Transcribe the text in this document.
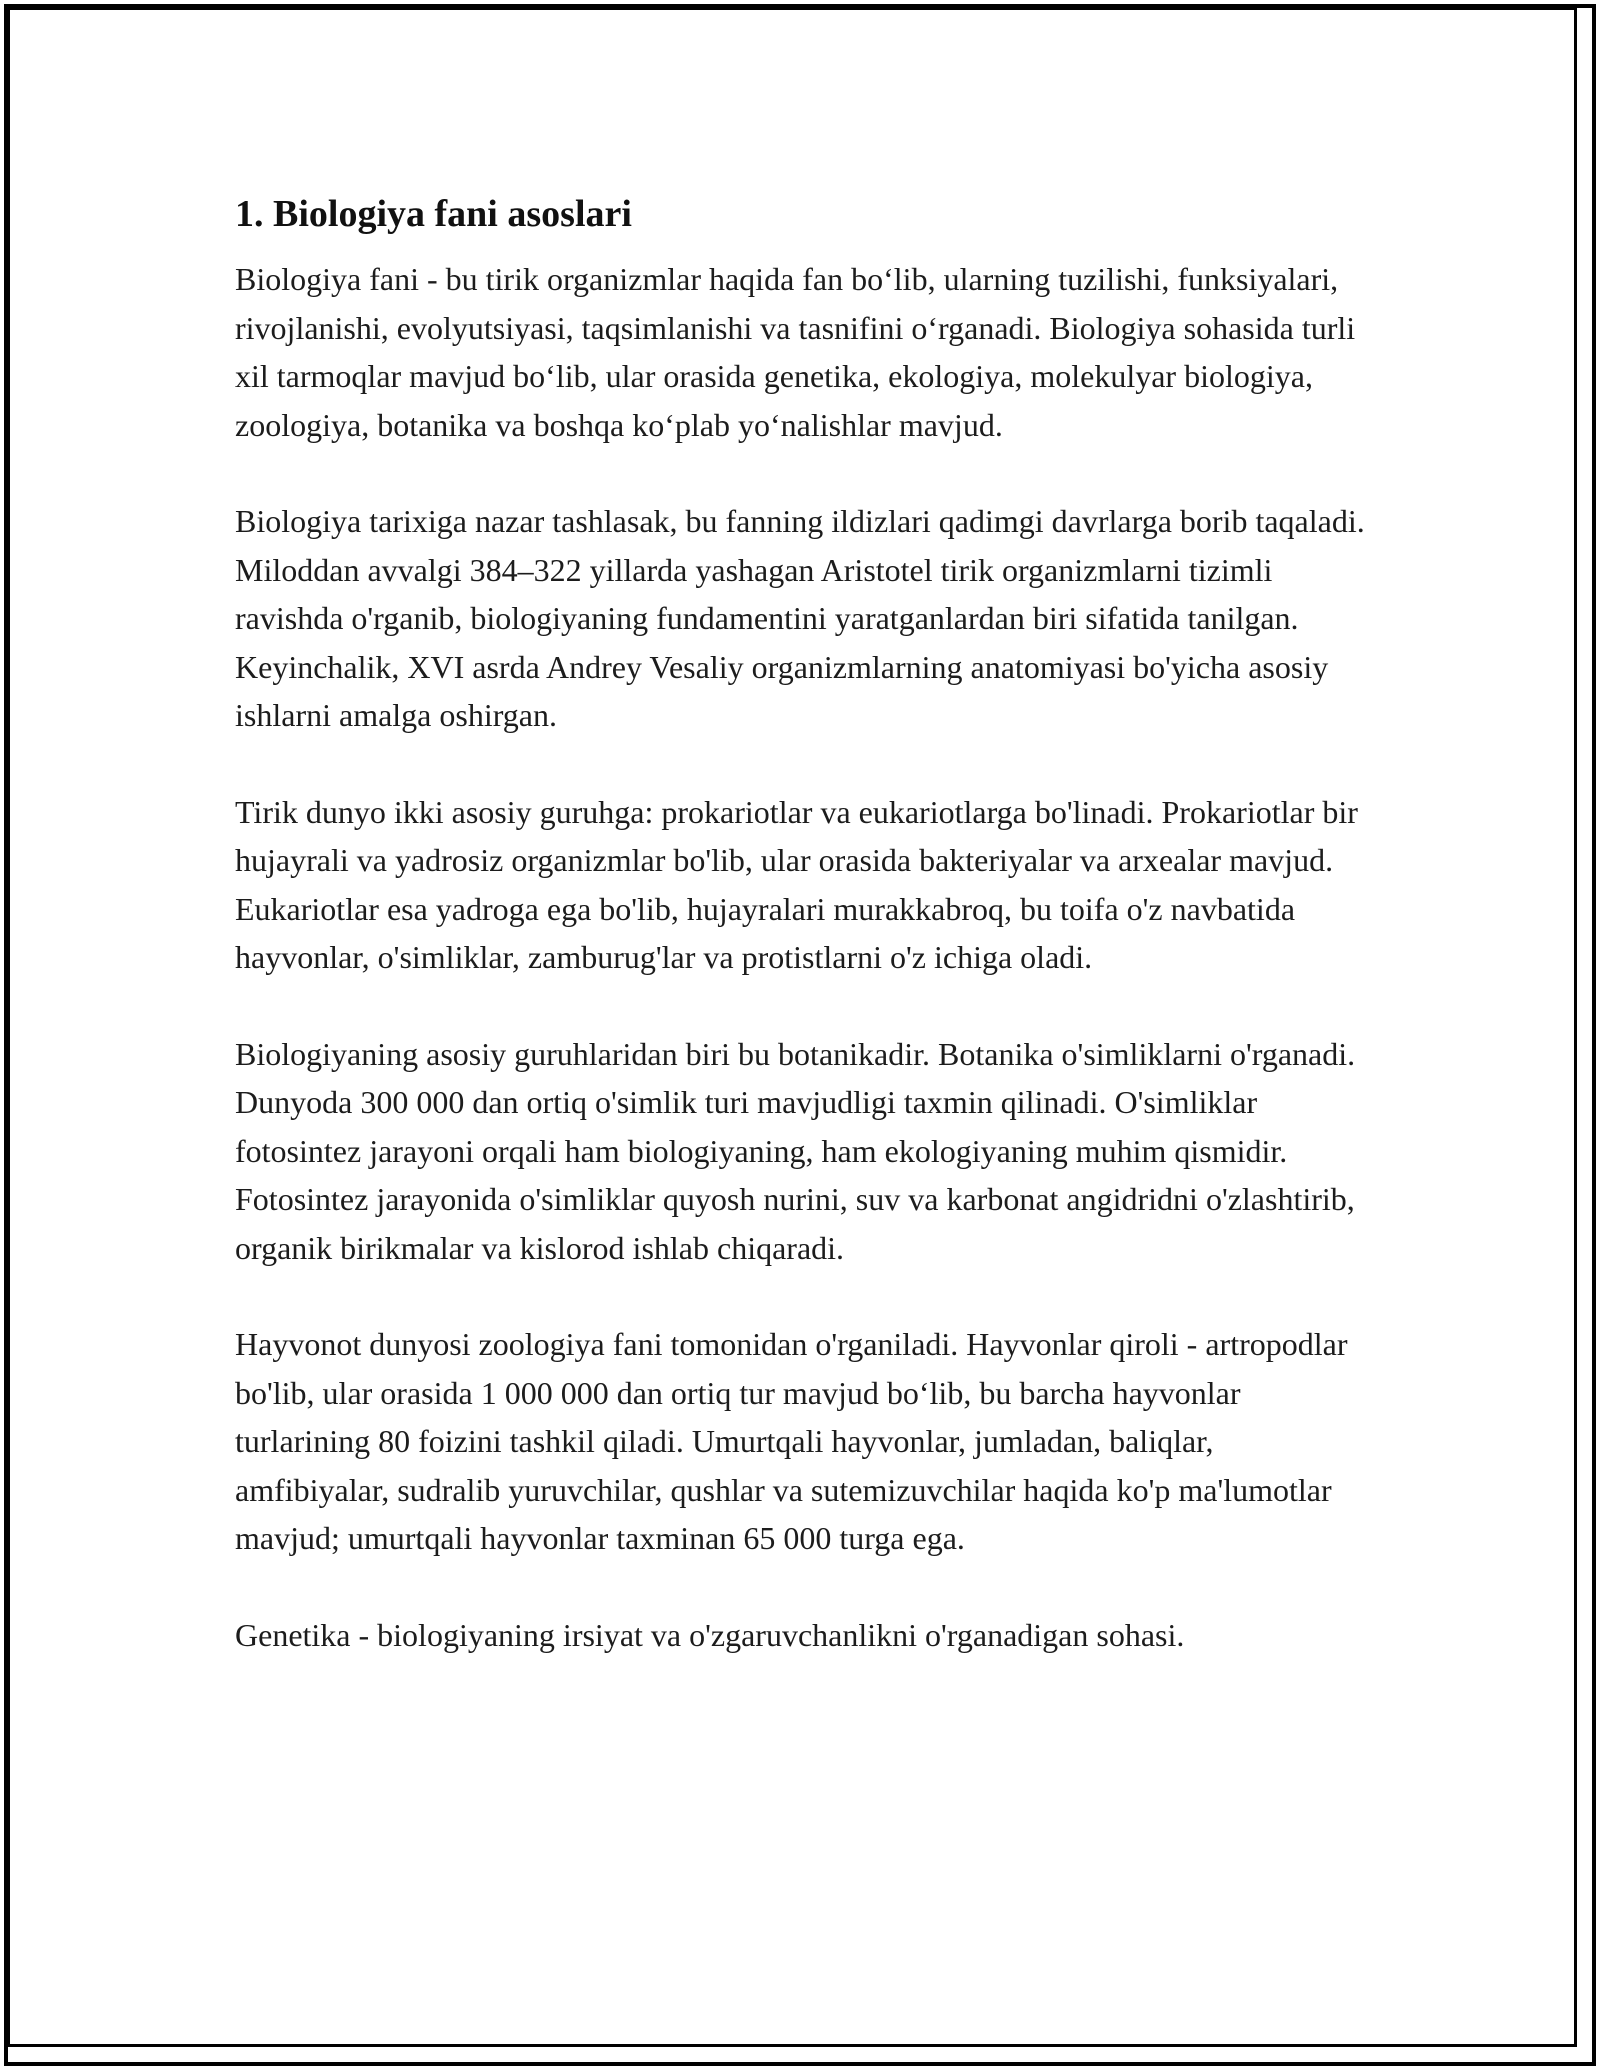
1. Biologiya fani asoslari

Biologiya fani - bu tirik organizmlar haqida fan bo‘lib, ularning tuzilishi, funksiyalari, rivojlanishi, evolyutsiyasi, taqsimlanishi va tasnifini o‘rganadi. Biologiya sohasida turli xil tarmoqlar mavjud bo‘lib, ular orasida genetika, ekologiya, molekulyar biologiya, zoologiya, botanika va boshqa ko‘plab yo‘nalishlar mavjud.

Biologiya tarixiga nazar tashlasak, bu fanning ildizlari qadimgi davrlarga borib taqaladi. Miloddan avvalgi 384–322 yillarda yashagan Aristotel tirik organizmlarni tizimli ravishda o'rganib, biologiyaning fundamentini yaratganlardan biri sifatida tanilgan. Keyinchalik, XVI asrda Andrey Vesaliy organizmlarning anatomiyasi bo'yicha asosiy ishlarni amalga oshirgan.

Tirik dunyo ikki asosiy guruhga: prokariotlar va eukariotlarga bo'linadi. Prokariotlar bir hujayrali va yadrosiz organizmlar bo'lib, ular orasida bakteriyalar va arxealar mavjud. Eukariotlar esa yadroga ega bo'lib, hujayralari murakkabroq, bu toifa o'z navbatida hayvonlar, o'simliklar, zamburug'lar va protistlarni o'z ichiga oladi.

Biologiyaning asosiy guruhlaridan biri bu botanikadir. Botanika o'simliklarni o'rganadi. Dunyoda 300 000 dan ortiq o'simlik turi mavjudligi taxmin qilinadi. O'simliklar fotosintez jarayoni orqali ham biologiyaning, ham ekologiyaning muhim qismidir. Fotosintez jarayonida o'simliklar quyosh nurini, suv va karbonat angidridni o'zlashtirib, organik birikmalar va kislorod ishlab chiqaradi.

Hayvonot dunyosi zoologiya fani tomonidan o'rganiladi. Hayvonlar qiroli - artropodlar bo'lib, ular orasida 1 000 000 dan ortiq tur mavjud bo‘lib, bu barcha hayvonlar turlarining 80 foizini tashkil qiladi. Umurtqali hayvonlar, jumladan, baliqlar, amfibiyalar, sudralib yuruvchilar, qushlar va sutemizuvchilar haqida ko'p ma'lumotlar mavjud; umurtqali hayvonlar taxminan 65 000 turga ega.

Genetika - biologiyaning irsiyat va o'zgaruvchanlikni o'rganadigan sohasi.
